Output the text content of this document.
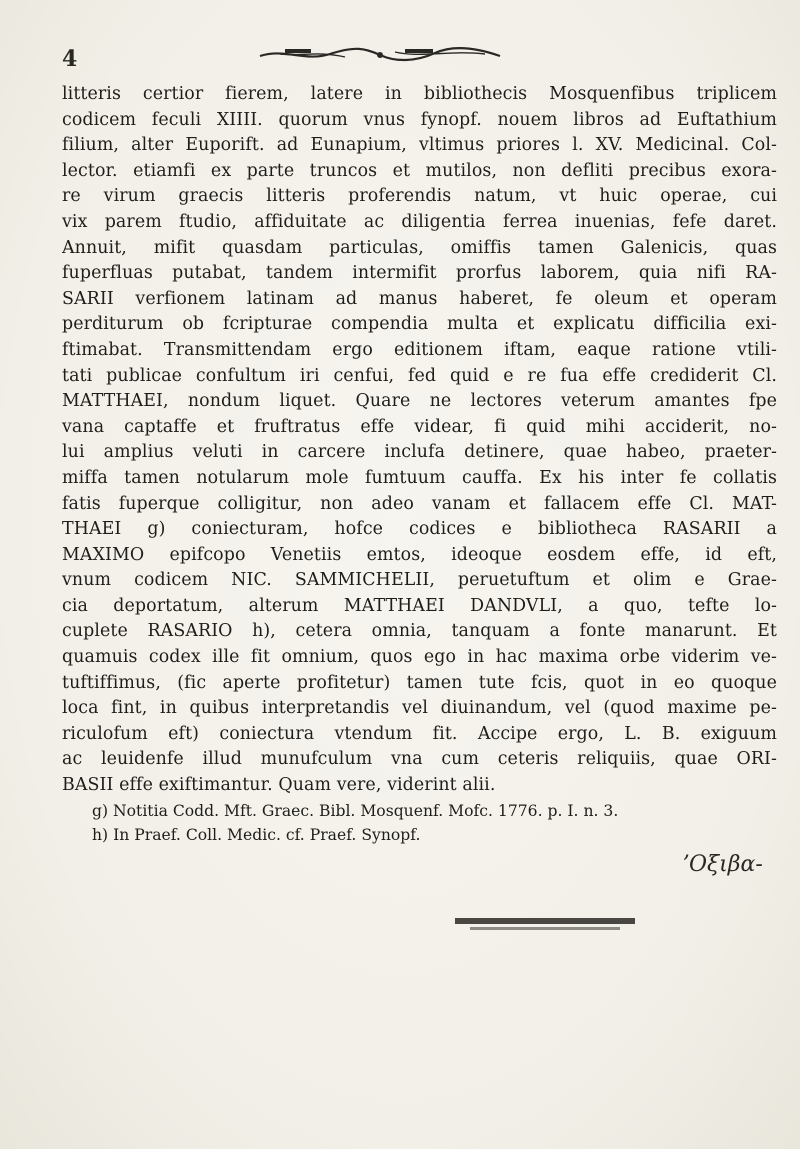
4
litteris certior fierem, latere in bibliothecis Mosquenfibus triplicem
codicem feculi XIIII. quorum vnus fynopf. nouem libros ad Euftathium
filium, alter Euporift. ad Eunapium, vltimus priores l. XV. Medicinal. Col-
lector. etiamfi ex parte truncos et mutilos, non defliti precibus exora-
re virum graecis litteris proferendis natum, vt huic operae, cui
vix parem ftudio, affiduitate ac diligentia ferrea inuenias, fefe daret.
Annuit, mifit quasdam particulas, omiffis tamen Galenicis, quas
fuperfluas putabat, tandem intermifit prorfus laborem, quia nifi RA-
SARII verfionem latinam ad manus haberet, fe oleum et operam
perditurum ob fcripturae compendia multa et explicatu difficilia exi-
ftimabat. Transmittendam ergo editionem iftam, eaque ratione vtili-
tati publicae confultum iri cenfui, fed quid e re fua effe crediderit Cl.
MATTHAEI, nondum liquet. Quare ne lectores veterum amantes fpe
vana captaffe et fruftratus effe videar, fi quid mihi acciderit, no-
lui amplius veluti in carcere inclufa detinere, quae habeo, praeter-
miffa tamen notularum mole fumtuum cauffa. Ex his inter fe collatis
fatis fuperque colligitur, non adeo vanam et fallacem effe Cl. MAT-
THAEI g) coniecturam, hofce codices e bibliotheca RASARII a
MAXIMO epifcopo Venetiis emtos, ideoque eosdem effe, id eft,
vnum codicem NIC. SAMMICHELII, peruetuftum et olim e Grae-
cia deportatum, alterum MATTHAEI DANDVLI, a quo, tefte lo-
cuplete RASARIO h), cetera omnia, tanquam a fonte manarunt. Et
quamuis codex ille fit omnium, quos ego in hac maxima orbe viderim ve-
tuftiffimus, (fic aperte profitetur) tamen tute fcis, quot in eo quoque
loca fint, in quibus interpretandis vel diuinandum, vel (quod maxime pe-
riculofum eft) coniectura vtendum fit. Accipe ergo, L. B. exiguum
ac leuidenfe illud munufculum vna cum ceteris reliquiis, quae ORI-
BASII effe exiftimantur. Quam vere, viderint alii.
g) Notitia Codd. Mft. Graec. Bibl. Mosquenf. Mofc. 1776. p. I. n. 3.
h) In Praef. Coll. Medic. cf. Praef. Synopf.
ʼΟξιβα-
